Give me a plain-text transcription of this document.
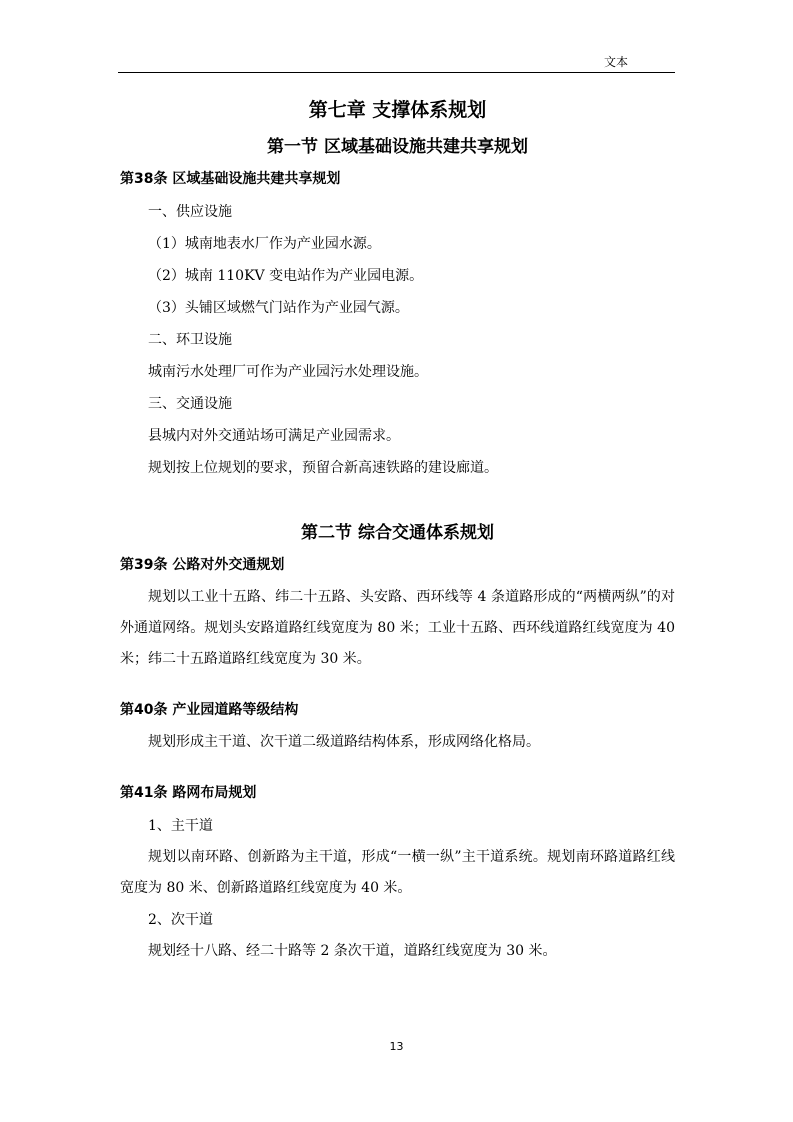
文本
第七章 支撑体系规划
第一节 区域基础设施共建共享规划
第38条 区域基础设施共建共享规划

一、供应设施

（1）城南地表水厂作为产业园水源。

（2）城南 110KV 变电站作为产业园电源。

（3）头铺区域燃气门站作为产业园气源。

二、环卫设施

城南污水处理厂可作为产业园污水处理设施。

三、交通设施

县城内对外交通站场可满足产业园需求。

规划按上位规划的要求，预留合新高速铁路的建设廊道。

第二节 综合交通体系规划
第39条 公路对外交通规划

规划以工业十五路、纬二十五路、头安路、西环线等 4 条道路形成的“两横两纵”的对外通道网络。规划头安路道路红线宽度为 80 米；工业十五路、西环线道路红线宽度为 40 米；纬二十五路道路红线宽度为 30 米。

第40条 产业园道路等级结构

规划形成主干道、次干道二级道路结构体系，形成网络化格局。

第41条 路网布局规划

1、主干道

规划以南环路、创新路为主干道，形成“一横一纵”主干道系统。规划南环路道路红线宽度为 80 米、创新路道路红线宽度为 40 米。

2、次干道

规划经十八路、经二十路等 2 条次干道，道路红线宽度为 30 米。

13
